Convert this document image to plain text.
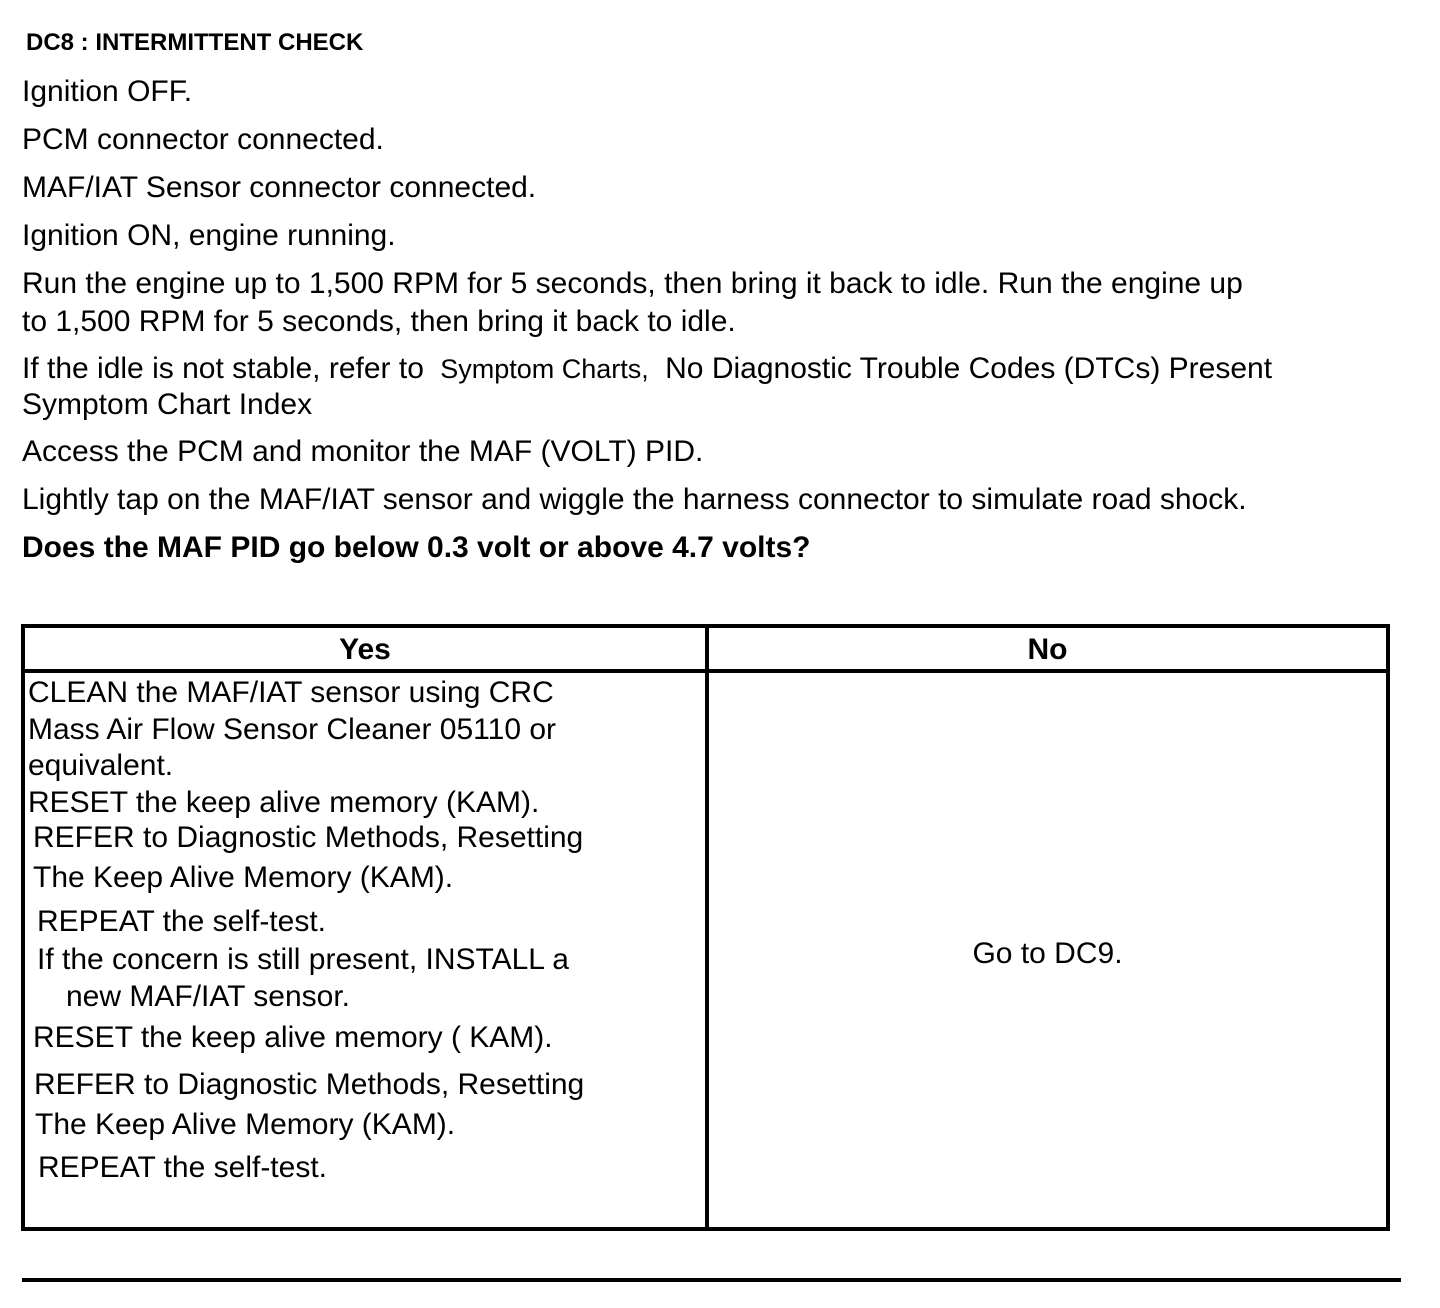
DC8 : INTERMITTENT CHECK
Ignition OFF.
PCM connector connected.
MAF/IAT Sensor connector connected.
Ignition ON, engine running.
Run the engine up to 1,500 RPM for 5 seconds, then bring it back to idle. Run the engine up
to 1,500 RPM for 5 seconds, then bring it back to idle.
If the idle is not stable, refer to Symptom Charts, No Diagnostic Trouble Codes (DTCs) Present
Symptom Chart Index
Access the PCM and monitor the MAF (VOLT) PID.
Lightly tap on the MAF/IAT sensor and wiggle the harness connector to simulate road shock.
Does the MAF PID go below 0.3 volt or above 4.7 volts?
Yes	No
CLEAN the MAF/IAT sensor using CRC
Mass Air Flow Sensor Cleaner 05110 or
equivalent.
RESET the keep alive memory (KAM).
REFER to Diagnostic Methods, Resetting
The Keep Alive Memory (KAM).
REPEAT the self-test.
If the concern is still present, INSTALL a
new MAF/IAT sensor.
RESET the keep alive memory ( KAM).
REFER to Diagnostic Methods, Resetting
The Keep Alive Memory (KAM).
REPEAT the self-test.
Go to DC9.
